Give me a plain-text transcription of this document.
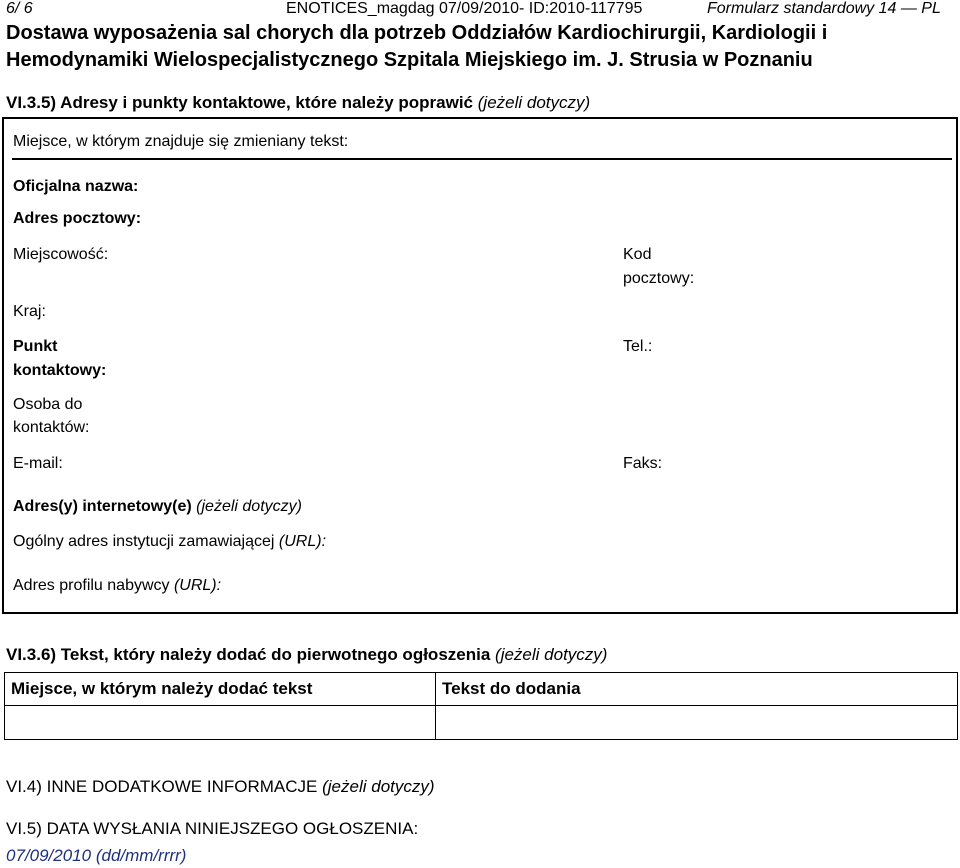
6/ 6	ENOTICES_magdag 07/09/2010- ID:2010-117795	Formularz standardowy 14 — PL
Dostawa wyposażenia sal chorych dla potrzeb Oddziałów Kardiochirurgii, Kardiologii i
Hemodynamiki Wielospecjalistycznego Szpitala Miejskiego im. J. Strusia w Poznaniu
VI.3.5) Adresy i punkty kontaktowe, które należy poprawić (jeżeli dotyczy)
Miejsce, w którym znajduje się zmieniany tekst:
Oficjalna nazwa:
Adres pocztowy:
Miejscowość:	Kod
pocztowy:
Kraj:
Punkt
kontaktowy:
Tel.:
Osoba do
kontaktów:
E-mail:	Faks:
Adres(y) internetowy(e) (jeżeli dotyczy)
Ogólny adres instytucji zamawiającej (URL):
Adres profilu nabywcy (URL):
VI.3.6) Tekst, który należy dodać do pierwotnego ogłoszenia (jeżeli dotyczy)
Miejsce, w którym należy dodać tekst	Tekst do dodania

VI.4) INNE DODATKOWE INFORMACJE (jeżeli dotyczy)
VI.5) DATA WYSŁANIA NINIEJSZEGO OGŁOSZENIA:
07/09/2010 (dd/mm/rrrr)
